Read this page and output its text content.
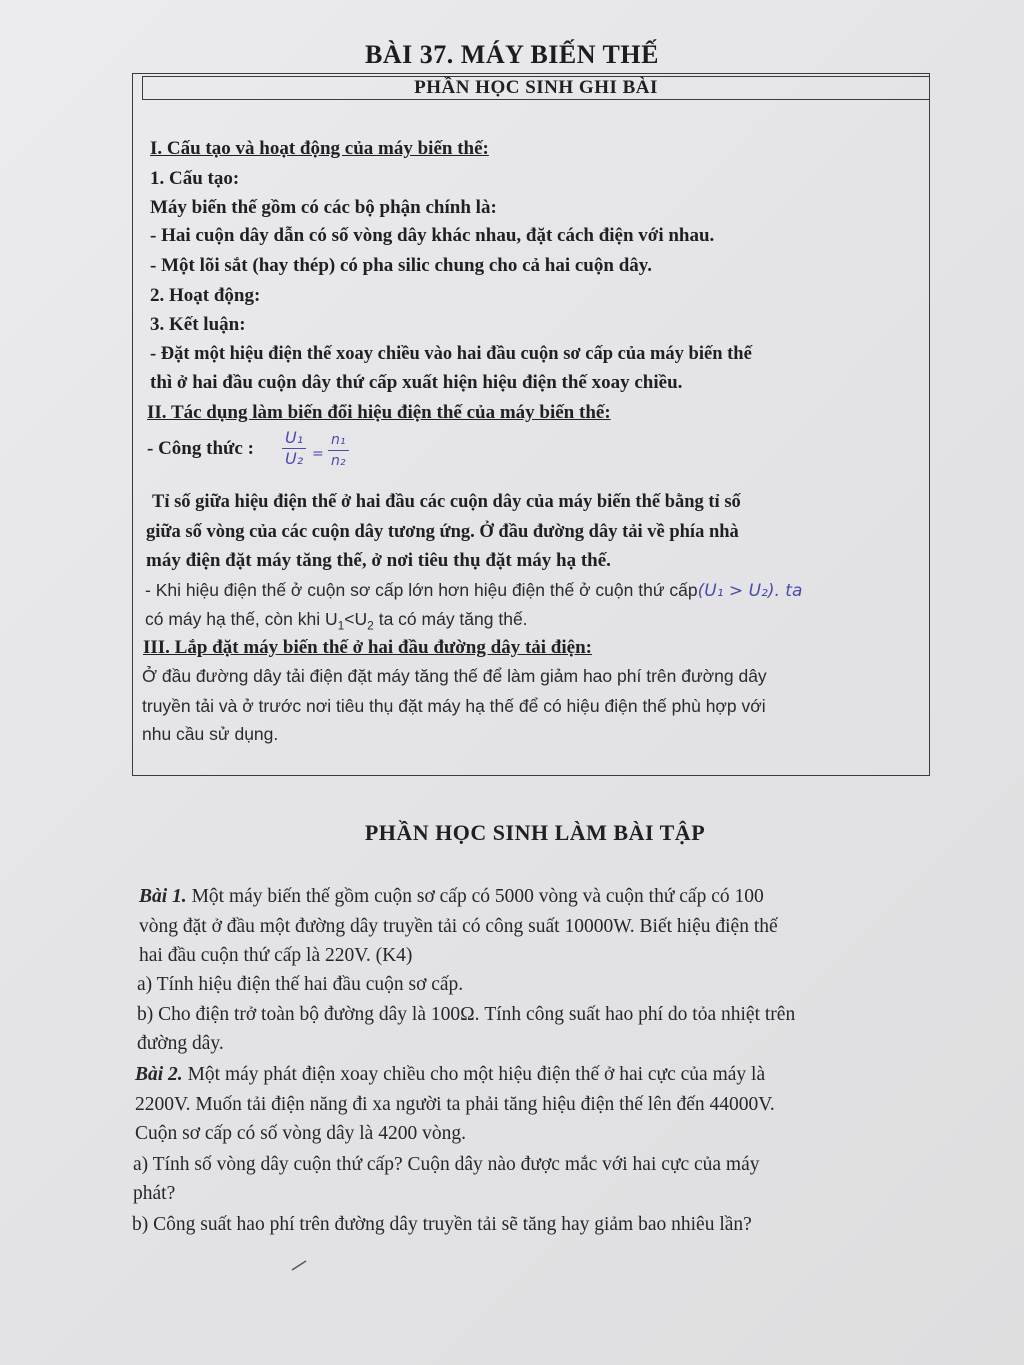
BÀI 37. MÁY BIẾN THẾ
PHẦN HỌC SINH GHI BÀI
I. Cấu tạo và hoạt động của máy biến thế:
1. Cấu tạo:
Máy biến thế gồm có các bộ phận chính là:
- Hai cuộn dây dẫn có số vòng dây khác nhau, đặt cách điện với nhau.
- Một lõi sắt (hay thép) có pha silic chung cho cả hai cuộn dây.
2. Hoạt động:
3. Kết luận:
- Đặt một hiệu điện thế xoay chiều vào hai đầu cuộn sơ cấp của máy biến thế
thì ở hai đầu cuộn dây thứ cấp xuất hiện hiệu điện thế xoay chiều.
II. Tác dụng làm biến đổi hiệu điện thế của máy biến thế:
- Công thức : $\frac{\text{U₁}}{\text{U₂}} = \frac{\text{n₁}}{\text{n₂}}$
Tỉ số giữa hiệu điện thế ở hai đầu các cuộn dây của máy biến thế bằng tỉ số
giữa số vòng của các cuộn dây tương ứng. Ở đầu đường dây tải về phía nhà
máy điện đặt máy tăng thế, ở nơi tiêu thụ đặt máy hạ thế.
- Khi hiệu điện thế ở cuộn sơ cấp lớn hơn hiệu điện thế ở cuộn thứ cấp(U₁ > U₂). ta
có máy hạ thế, còn khi $U_1<U_2$ ta có máy tăng thế.
III. Lắp đặt máy biến thế ở hai đầu đường dây tải điện:
Ở đầu đường dây tải điện đặt máy tăng thế để làm giảm hao phí trên đường dây
truyền tải và ở trước nơi tiêu thụ đặt máy hạ thế để có hiệu điện thế phù hợp với
nhu cầu sử dụng.
PHẦN HỌC SINH LÀM BÀI TẬP
Bài 1. Một máy biến thế gồm cuộn sơ cấp có 5000 vòng và cuộn thứ cấp có 100
vòng đặt ở đầu một đường dây truyền tải có công suất 10000W. Biết hiệu điện thế
hai đầu cuộn thứ cấp là 220V. (K4)
a) Tính hiệu điện thế hai đầu cuộn sơ cấp.
b) Cho điện trở toàn bộ đường dây là 100Ω. Tính công suất hao phí do tỏa nhiệt trên
đường dây.
Bài 2. Một máy phát điện xoay chiều cho một hiệu điện thế ở hai cực của máy là
2200V. Muốn tải điện năng đi xa người ta phải tăng hiệu điện thế lên đến 44000V.
Cuộn sơ cấp có số vòng dây là 4200 vòng.
a) Tính số vòng dây cuộn thứ cấp? Cuộn dây nào được mắc với hai cực của máy
phát?
b) Công suất hao phí trên đường dây truyền tải sẽ tăng hay giảm bao nhiêu lần?
